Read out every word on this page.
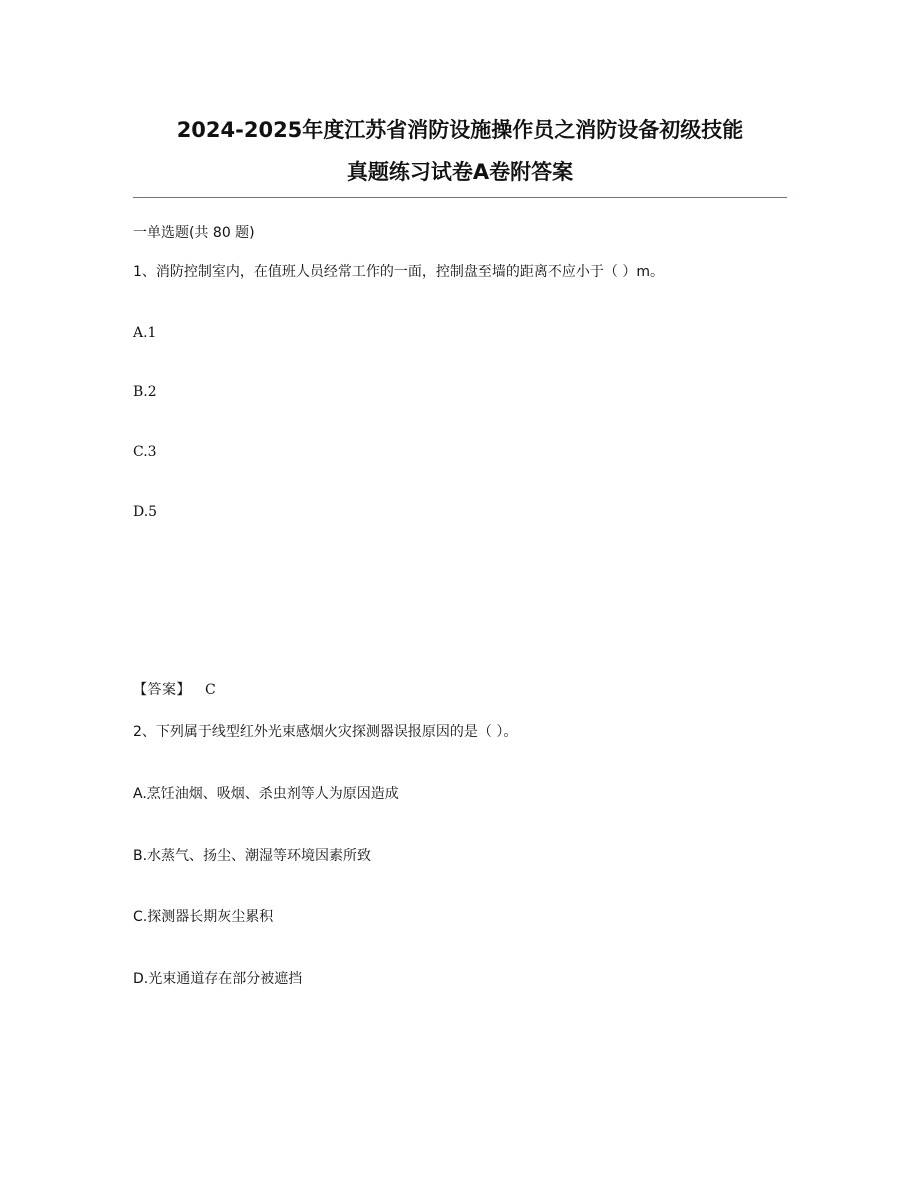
2024-2025年度江苏省消防设施操作员之消防设备初级技能
真题练习试卷A卷附答案
一单选题(共 80 题)
1、消防控制室内，在值班人员经常工作的一面，控制盘至墙的距离不应小于（ ）m。
A.1
B.2
C.3
D.5
【答案】 C
2、下列属于线型红外光束感烟火灾探测器误报原因的是（ ）。
A.烹饪油烟、吸烟、杀虫剂等人为原因造成
B.水蒸气、扬尘、潮湿等环境因素所致
C.探测器长期灰尘累积
D.光束通道存在部分被遮挡
